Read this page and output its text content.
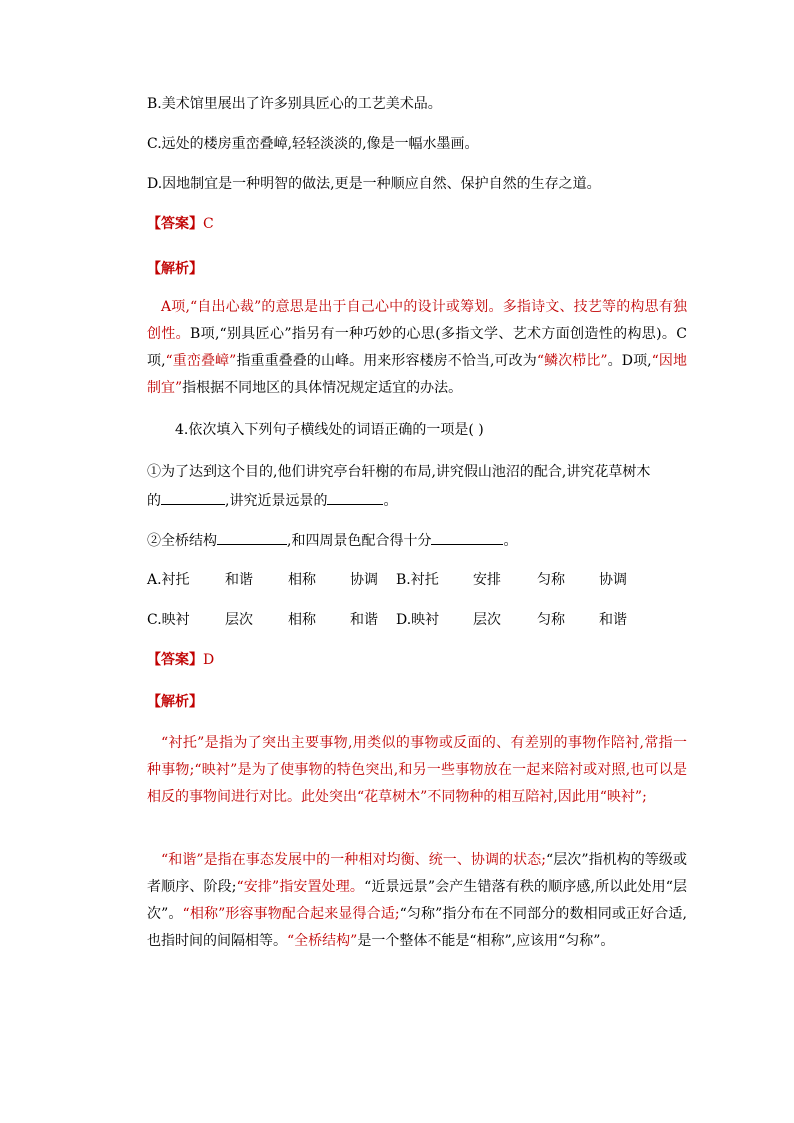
B.美术馆里展出了许多别具匠心的工艺美术品。

C.远处的楼房重峦叠嶂,轻轻淡淡的,像是一幅水墨画。

D.因地制宜是一种明智的做法,更是一种顺应自然、保护自然的生存之道。

【答案】C

【解析】

A项,“自出心裁”的意思是出于自己心中的设计或筹划。多指诗文、技艺等的构思有独创性。B项,“别具匠心”指另有一种巧妙的心思(多指文学、艺术方面创造性的构思)。C项,“重峦叠嶂”指重重叠叠的山峰。用来形容楼房不恰当,可改为“鳞次栉比”。D项,“因地制宜”指根据不同地区的具体情况规定适宜的办法。

4.依次填入下列句子横线处的词语正确的一项是( )

①为了达到这个目的,他们讲究亭台轩榭的布局,讲究假山池沼的配合,讲究花草树木

的	,讲究近景远景的	。

②全桥结构	,和四周景色配合得十分	。

A.衬托	和谐	相称 协调 B.衬托 安排	匀称 协调
C.映衬	层次	相称 和谐 D.映衬 层次	匀称 和谐

【答案】D

【解析】

“衬托”是指为了突出主要事物,用类似的事物或反面的、有差别的事物作陪衬,常指一种事物;“映衬”是为了使事物的特色突出,和另一些事物放在一起来陪衬或对照,也可以是相反的事物间进行对比。此处突出“花草树木”不同物种的相互陪衬,因此用“映衬”;

“和谐”是指在事态发展中的一种相对均衡、统一、协调的状态;“层次”指机构的等级或者顺序、阶段;“安排”指安置处理。“近景远景”会产生错落有秩的顺序感,所以此处用“层次”。“相称”形容事物配合起来显得合适;“匀称”指分布在不同部分的数相同或正好合适,也指时间的间隔相等。“全桥结构”是一个整体不能是“相称”,应该用“匀称”。
